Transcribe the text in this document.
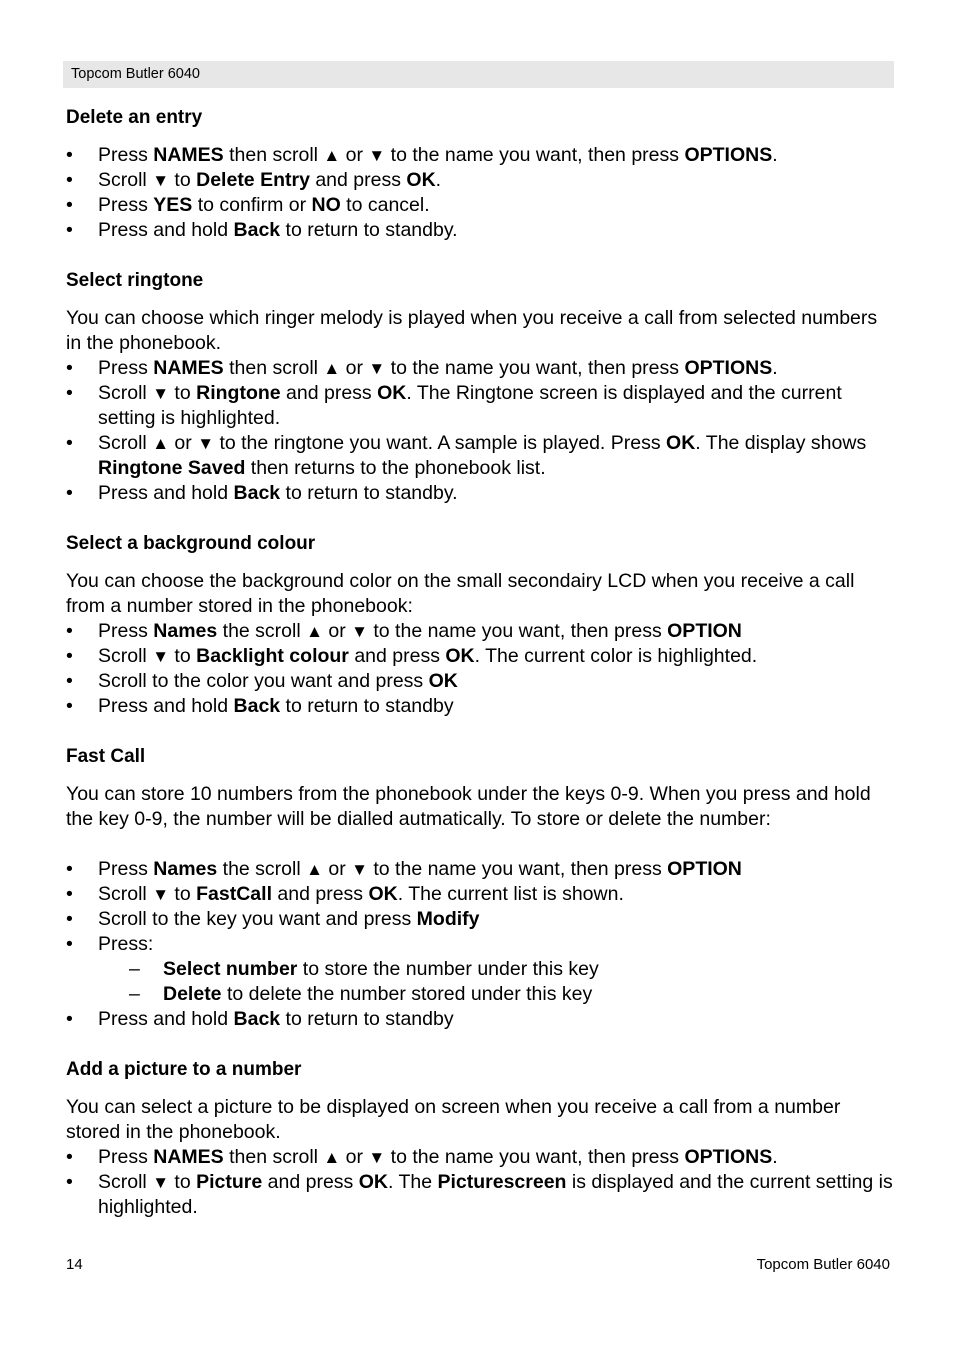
Topcom Butler 6040
Delete an entry
• Press NAMES then scroll ▲ or ▼ to the name you want, then press OPTIONS.
• Scroll ▼ to Delete Entry and press OK.
• Press YES to confirm or NO to cancel.
• Press and hold Back to return to standby.
Select ringtone

You can choose which ringer melody is played when you receive a call from selected numbers in the phonebook.

• Press NAMES then scroll ▲ or ▼ to the name you want, then press OPTIONS.
• Scroll ▼ to Ringtone and press OK. The Ringtone screen is displayed and the current setting is highlighted.
• Scroll ▲ or ▼ to the ringtone you want. A sample is played. Press OK. The display shows Ringtone Saved then returns to the phonebook list.
• Press and hold Back to return to standby.
Select a background colour

You can choose the background color on the small secondairy LCD when you receive a call from a number stored in the phonebook:

• Press Names the scroll ▲ or ▼ to the name you want, then press OPTION
• Scroll ▼ to Backlight colour and press OK. The current color is highlighted.
• Scroll to the color you want and press OK
• Press and hold Back to return to standby
Fast Call

You can store 10 numbers from the phonebook under the keys 0-9. When you press and hold the key 0-9, the number will be dialled autmatically. To store or delete the number:

• Press Names the scroll ▲ or ▼ to the name you want, then press OPTION
• Scroll ▼ to FastCall and press OK. The current list is shown.
• Scroll to the key you want and press Modify
• Press:
– Select number to store the number under this key
– Delete to delete the number stored under this key
• Press and hold Back to return to standby
Add a picture to a number

You can select a picture to be displayed on screen when you receive a call from a number stored in the phonebook.

• Press NAMES then scroll ▲ or ▼ to the name you want, then press OPTIONS.
• Scroll ▼ to Picture and press OK. The Picturescreen is displayed and the current setting is highlighted.
14	Topcom Butler 6040
